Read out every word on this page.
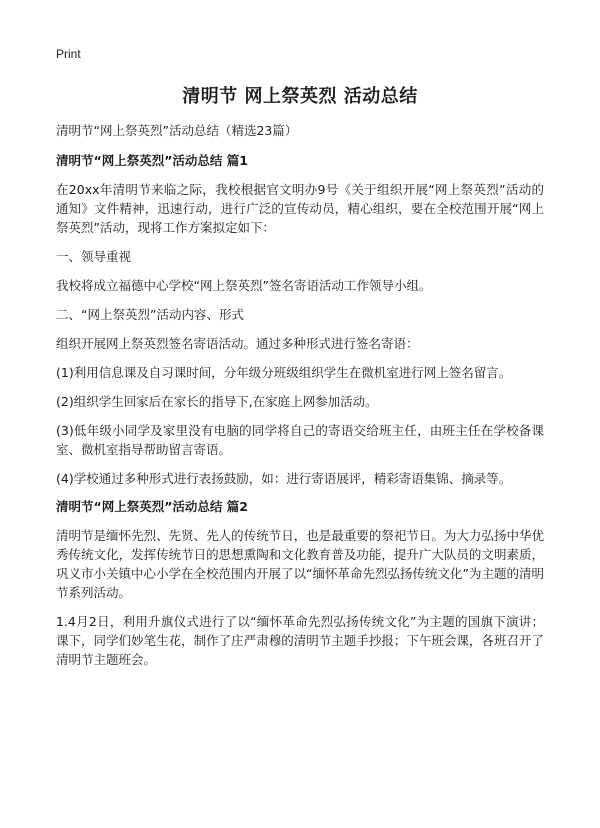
Print
清明节 网上祭英烈 活动总结

清明节“网上祭英烈”活动总结（精选23篇）

清明节“网上祭英烈”活动总结 篇1

在20xx年清明节来临之际，我校根据官文明办9号《关于组织开展“网上祭英烈”活动的通知》文件精神，迅速行动，进行广泛的宣传动员，精心组织，要在全校范围开展“网上祭英烈”活动，现将工作方案拟定如下：

一、领导重视

我校将成立福德中心学校“网上祭英烈”签名寄语活动工作领导小组。

二、“网上祭英烈”活动内容、形式

组织开展网上祭英烈签名寄语活动。通过多种形式进行签名寄语：

(1)利用信息课及自习课时间，分年级分班级组织学生在微机室进行网上签名留言。

(2)组织学生回家后在家长的指导下,在家庭上网参加活动。

(3)低年级小同学及家里没有电脑的同学将自己的寄语交给班主任，由班主任在学校备课室、微机室指导帮助留言寄语。

(4)学校通过多种形式进行表扬鼓励，如：进行寄语展评，精彩寄语集锦、摘录等。

清明节“网上祭英烈”活动总结 篇2

清明节是缅怀先烈、先贤、先人的传统节日，也是最重要的祭祀节日。为大力弘扬中华优秀传统文化，发挥传统节日的思想熏陶和文化教育普及功能，提升广大队员的文明素质，巩义市小关镇中心小学在全校范围内开展了以“缅怀革命先烈弘扬传统文化”为主题的清明节系列活动。

1.4月2日，利用升旗仪式进行了以“缅怀革命先烈弘扬传统文化”为主题的国旗下演讲；课下，同学们妙笔生花，制作了庄严肃穆的清明节主题手抄报；下午班会课，各班召开了清明节主题班会。
